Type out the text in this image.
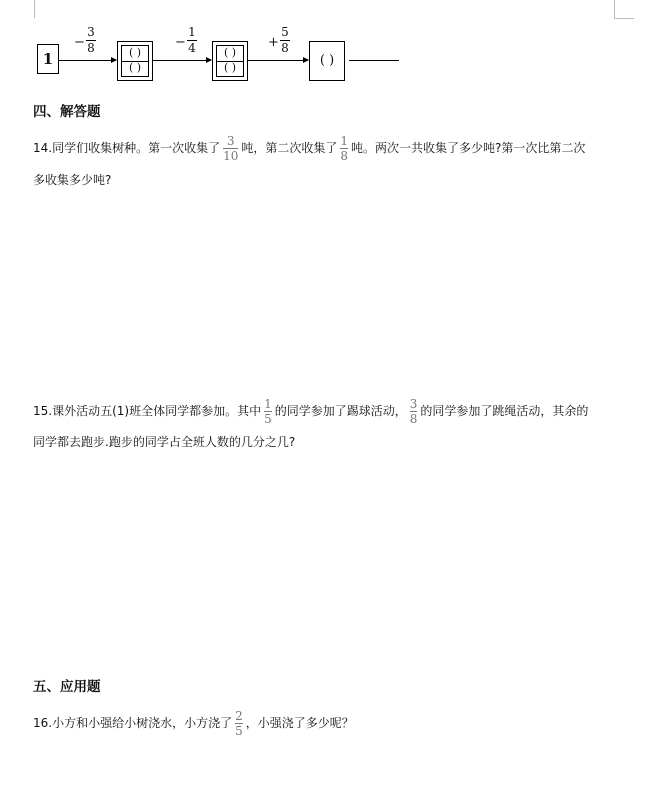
1
−
3
8	( )
( )
−
1
4	( )
( )
+
5
8
( )
四、解答题
14.同学们收集树种。第一次收集了 $\frac{3}{10}$ 吨，第二次收集了 $\frac{1}{8}$ 吨。两次一共收集了多少吨?第一次比第二次
多收集多少吨?
15.课外活动五(1)班全体同学都参加。其中 $\frac{1}{5}$ 的同学参加了踢球活动， $\frac{3}{8}$ 的同学参加了跳绳活动，其余的
同学都去跑步.跑步的同学占全班人数的几分之几?
五、应用题
16.小方和小强给小树浇水，小方浇了 $\frac{2}{5}$ ，小强浇了多少呢？
